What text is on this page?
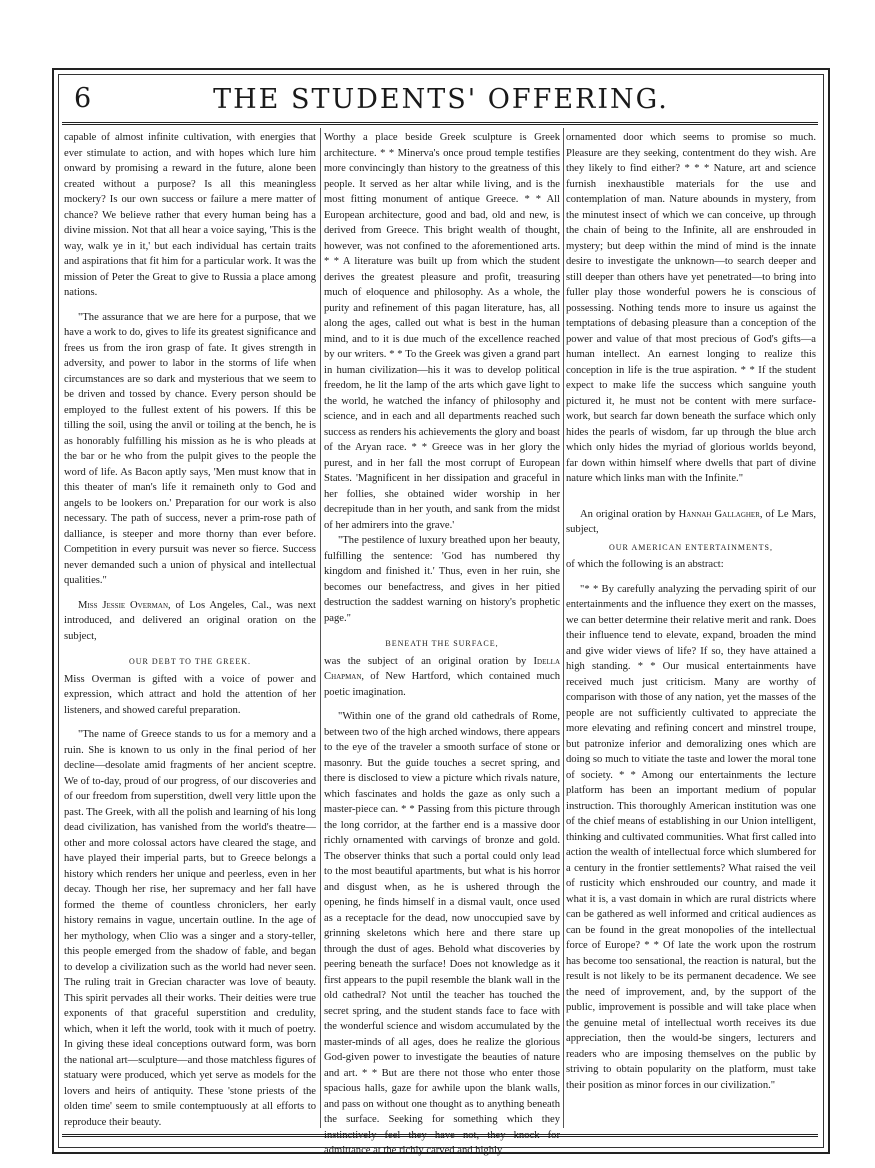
6	THE STUDENTS' OFFERING.

capable of almost infinite cultivation, with energies that ever stimulate to action, and with hopes which lure him onward by promising a reward in the future, alone been created without a purpose? Is all this meaningless mockery? Is our own success or failure a mere matter of chance? We believe rather that every human being has a divine mission. Not that all hear a voice saying, 'This is the way, walk ye in it,' but each individual has certain traits and aspirations that fit him for a particular work. It was the mission of Peter the Great to give to Russia a place among nations.

"The assurance that we are here for a purpose, that we have a work to do, gives to life its greatest significance and frees us from the iron grasp of fate. It gives strength in adversity, and power to labor in the storms of life when circumstances are so dark and mysterious that we seem to be driven and tossed by chance. Every person should be employed to the fullest extent of his powers. If this be tilling the soil, using the anvil or toiling at the bench, he is as honorably fulfilling his mission as he is who pleads at the bar or he who from the pulpit gives to the people the word of life. As Bacon aptly says, 'Men must know that in this theater of man's life it remaineth only to God and angels to be lookers on.' Preparation for our work is also necessary. The path of success, never a prim-rose path of dalliance, is steeper and more thorny than ever before. Competition in every pursuit was never so fierce. Success never demanded such a union of physical and intellectual qualities."

Miss Jessie Overman, of Los Angeles, Cal., was next introduced, and delivered an original oration on the subject,

OUR DEBT TO THE GREEK.

Miss Overman is gifted with a voice of power and expression, which attract and hold the attention of her listeners, and showed careful preparation.

"The name of Greece stands to us for a memory and a ruin. She is known to us only in the final period of her decline—desolate amid fragments of her ancient sceptre. We of to-day, proud of our progress, of our discoveries and of our freedom from superstition, dwell very little upon the past. The Greek, with all the polish and learning of his long dead civilization, has vanished from the world's theatre—other and more colossal actors have cleared the stage, and have played their imperial parts, but to Greece belongs a history which renders her unique and peerless, even in her decay. Though her rise, her supremacy and her fall have formed the theme of countless chroniclers, her early history remains in vague, uncertain outline. In the age of her mythology, when Clio was a singer and a story-teller, this people emerged from the shadow of fable, and began to develop a civilization such as the world had never seen. The ruling trait in Grecian character was love of beauty. This spirit pervades all their works. Their deities were true exponents of that graceful superstition and credulity, which, when it left the world, took with it much of poetry. In giving these ideal conceptions outward form, was born the national art—sculpture—and those matchless figures of statuary were produced, which yet serve as models for the lovers and heirs of antiquity. These 'stone priests of the olden time' seem to smile contemptuously at all efforts to reproduce their beauty.

Worthy a place beside Greek sculpture is Greek architecture. * * Minerva's once proud temple testifies more convincingly than history to the greatness of this people. It served as her altar while living, and is the most fitting monument of antique Greece. * * All European architecture, good and bad, old and new, is derived from Greece. This bright wealth of thought, however, was not confined to the aforementioned arts. * * A literature was built up from which the student derives the greatest pleasure and profit, treasuring much of eloquence and philosophy. As a whole, the purity and refinement of this pagan literature, has, all along the ages, called out what is best in the human mind, and to it is due much of the excellence reached by our writers. * * To the Greek was given a grand part in human civilization—his it was to develop political freedom, he lit the lamp of the arts which gave light to the world, he watched the infancy of philosophy and science, and in each and all departments reached such success as renders his achievements the glory and boast of the Aryan race. * * Greece was in her glory the purest, and in her fall the most corrupt of European States. 'Magnificent in her dissipation and graceful in her follies, she obtained wider worship in her decrepitude than in her youth, and sank from the midst of her admirers into the grave.'

"The pestilence of luxury breathed upon her beauty, fulfilling the sentence: 'God has numbered thy kingdom and finished it.' Thus, even in her ruin, she becomes our benefactress, and gives in her pitied destruction the saddest warning on history's prophetic page."

BENEATH THE SURFACE,

was the subject of an original oration by Idella Chapman, of New Hartford, which contained much poetic imagination.

"Within one of the grand old cathedrals of Rome, between two of the high arched windows, there appears to the eye of the traveler a smooth surface of stone or masonry. But the guide touches a secret spring, and there is disclosed to view a picture which rivals nature, which fascinates and holds the gaze as only such a master-piece can. * * Passing from this picture through the long corridor, at the farther end is a massive door richly ornamented with carvings of bronze and gold. The observer thinks that such a portal could only lead to the most beautiful apartments, but what is his horror and disgust when, as he is ushered through the opening, he finds himself in a dismal vault, once used as a receptacle for the dead, now unoccupied save by grinning skeletons which here and there stare up through the dust of ages. Behold what discoveries by peering beneath the surface! Does not knowledge as it first appears to the pupil resemble the blank wall in the old cathedral? Not until the teacher has touched the secret spring, and the student stands face to face with the wonderful science and wisdom accumulated by the master-minds of all ages, does he realize the glorious God-given power to investigate the beauties of nature and art. * * But are there not those who enter those spacious halls, gaze for awhile upon the blank walls, and pass on without one thought as to anything beneath the surface. Seeking for something which they instinctively feel they have not, they knock for admittance at the richly carved and highly

ornamented door which seems to promise so much. Pleasure are they seeking, contentment do they wish. Are they likely to find either? * * * Nature, art and science furnish inexhaustible materials for the use and contemplation of man. Nature abounds in mystery, from the minutest insect of which we can conceive, up through the chain of being to the Infinite, all are enshrouded in mystery; but deep within the mind of mind is the innate desire to investigate the unknown—to search deeper and still deeper than others have yet penetrated—to bring into fuller play those wonderful powers he is conscious of possessing. Nothing tends more to insure us against the temptations of debasing pleasure than a conception of the power and value of that most precious of God's gifts—a human intellect. An earnest longing to realize this conception in life is the true aspiration. * * If the student expect to make life the success which sanguine youth pictured it, he must not be content with mere surface-work, but search far down beneath the surface which only hides the pearls of wisdom, far up through the blue arch which only hides the myriad of glorious worlds beyond, far down within himself where dwells that part of divine nature which links man with the Infinite."

An original oration by Hannah Gallagher, of Le Mars, subject,

OUR AMERICAN ENTERTAINMENTS,

of which the following is an abstract:

"* * By carefully analyzing the pervading spirit of our entertainments and the influence they exert on the masses, we can better determine their relative merit and rank. Does their influence tend to elevate, expand, broaden the mind and give wider views of life? If so, they have attained a high standing. * * Our musical entertainments have received much just criticism. Many are worthy of comparison with those of any nation, yet the masses of the people are not sufficiently cultivated to appreciate the more elevating and refining concert and minstrel troupe, but patronize inferior and demoralizing ones which are doing so much to vitiate the taste and lower the moral tone of society. * * Among our entertainments the lecture platform has been an important medium of popular instruction. This thoroughly American institution was one of the chief means of establishing in our Union intelligent, thinking and cultivated communities. What first called into action the wealth of intellectual force which slumbered for a century in the frontier settlements? What raised the veil of rusticity which enshrouded our country, and made it what it is, a vast domain in which are rural districts where can be gathered as well informed and critical audiences as can be found in the great monopolies of the intellectual force of Europe? * * Of late the work upon the rostrum has become too sensational, the reaction is natural, but the result is not likely to be its permanent decadence. We see the need of improvement, and, by the support of the public, improvement is possible and will take place when the genuine metal of intellectual worth receives its due appreciation, then the would-be singers, lecturers and readers who are imposing themselves on the public by striving to obtain popularity on the platform, must take their position as minor forces in our civilization."
